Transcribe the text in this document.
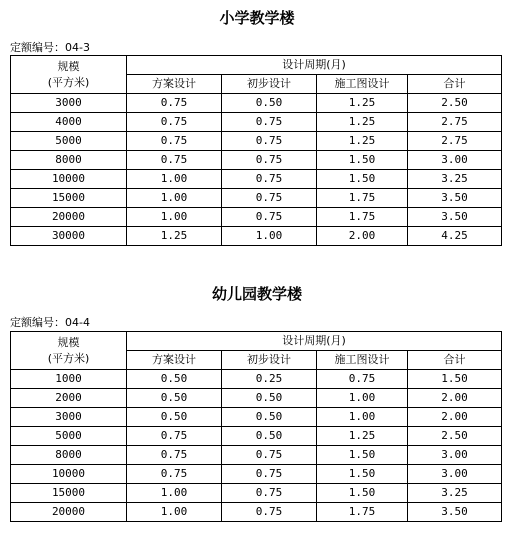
小学教学楼
定额编号：04-3
规模
(平方米)	设计周期(月)			
	方案设计	初步设计	施工图设计	合计
3000	0.75	0.50	1.25	2.50
4000	0.75	0.75	1.25	2.75
5000	0.75	0.75	1.25	2.75
8000	0.75	0.75	1.50	3.00
10000	1.00	0.75	1.50	3.25
15000	1.00	0.75	1.75	3.50
20000	1.00	0.75	1.75	3.50
30000	1.25	1.00	2.00	4.25
幼儿园教学楼
定额编号：04-4
规模
(平方米)	设计周期(月)			
	方案设计	初步设计	施工图设计	合计
1000	0.50	0.25	0.75	1.50
2000	0.50	0.50	1.00	2.00
3000	0.50	0.50	1.00	2.00
5000	0.75	0.50	1.25	2.50
8000	0.75	0.75	1.50	3.00
10000	0.75	0.75	1.50	3.00
15000	1.00	0.75	1.50	3.25
20000	1.00	0.75	1.75	3.50
